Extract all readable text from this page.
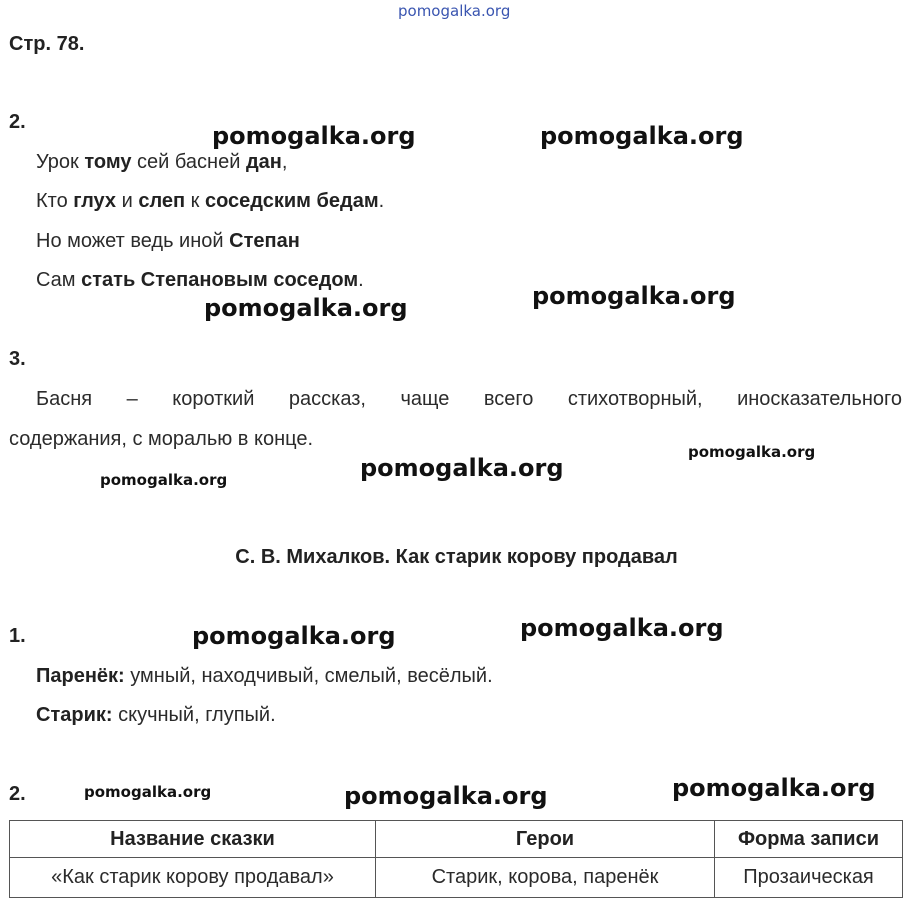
pomogalka.org
Стр. 78.
2.
Урок тому сей басней дан,
Кто глух и слеп к соседским бедам.
Но может ведь иной Степан
Сам стать Степановым соседом.
3.
Басня – короткий рассказ, чаще всего стихотворный, иносказательного
содержания, с моралью в конце.
С. В. Михалков. Как старик корову продавал
1.
Паренёк: умный, находчивый, смелый, весёлый.
Старик: скучный, глупый.
2.
Название сказки	Герои	Форма записи
«Как старик корову продавал»	Старик, корова, паренёк	Прозаическая
pomogalka.org	pomogalka.org
pomogalka.org
pomogalka.org
pomogalka.org
pomogalka.org
pomogalka.org
pomogalka.org
pomogalka.org
pomogalka.org
pomogalka.org
pomogalka.org
